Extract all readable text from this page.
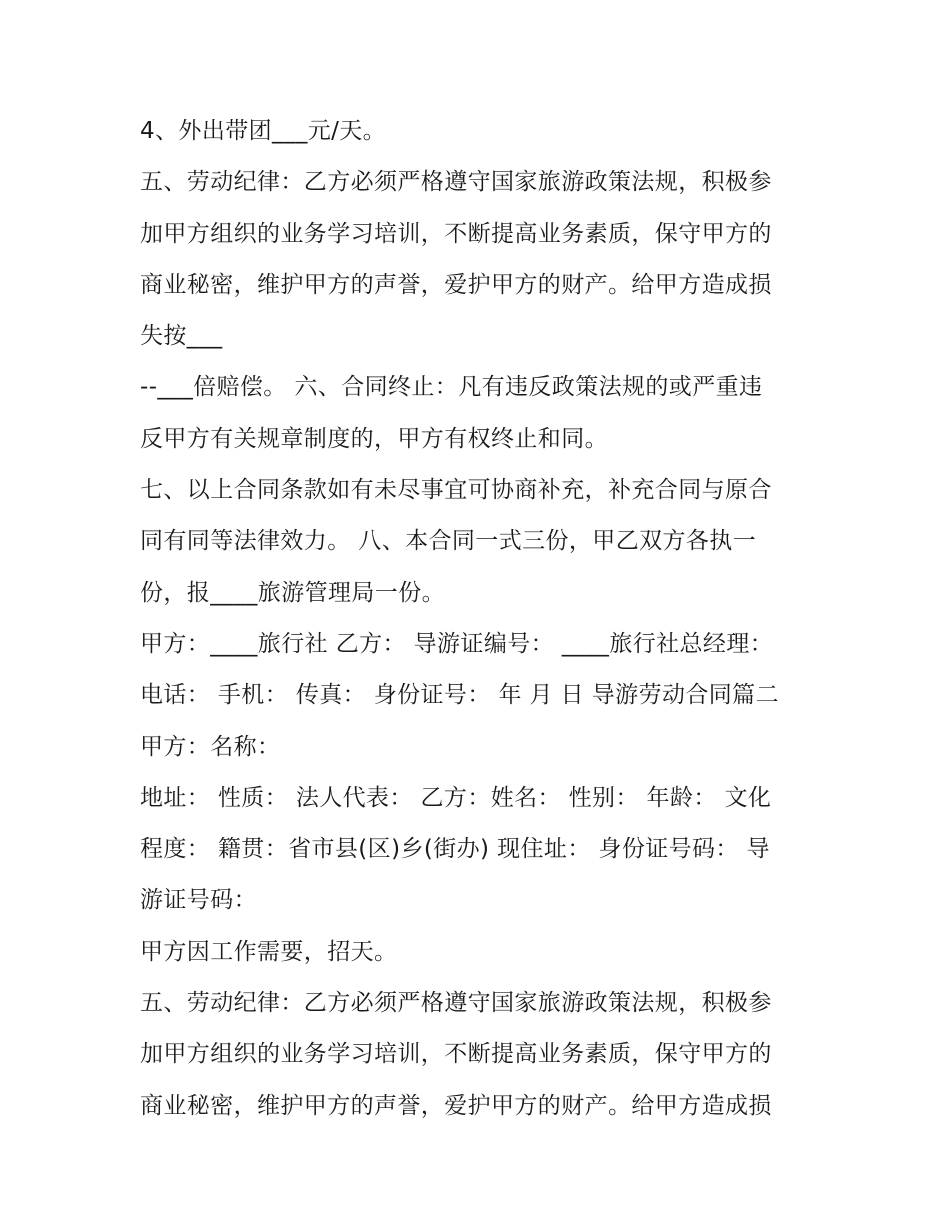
4、外出带团___元/天。
五、劳动纪律：乙方必须严格遵守国家旅游政策法规，积极参
加甲方组织的业务学习培训，不断提高业务素质，保守甲方的
商业秘密，维护甲方的声誉，爱护甲方的财产。给甲方造成损
失按___
--___倍赔偿。 六、合同终止：凡有违反政策法规的或严重违
反甲方有关规章制度的，甲方有权终止和同。
七、以上合同条款如有未尽事宜可协商补充，补充合同与原合
同有同等法律效力。 八、本合同一式三份，甲乙双方各执一
份，报____旅游管理局一份。
甲方：____旅行社 乙方： 导游证编号： ____旅行社总经理：
电话： 手机： 传真： 身份证号： 年 月 日 导游劳动合同篇二
甲方：名称：
地址： 性质： 法人代表： 乙方：姓名： 性别： 年龄： 文化
程度： 籍贯：省市县(区)乡(街办) 现住址： 身份证号码： 导
游证号码：
甲方因工作需要，招天。
五、劳动纪律：乙方必须严格遵守国家旅游政策法规，积极参
加甲方组织的业务学习培训，不断提高业务素质，保守甲方的
商业秘密，维护甲方的声誉，爱护甲方的财产。给甲方造成损
